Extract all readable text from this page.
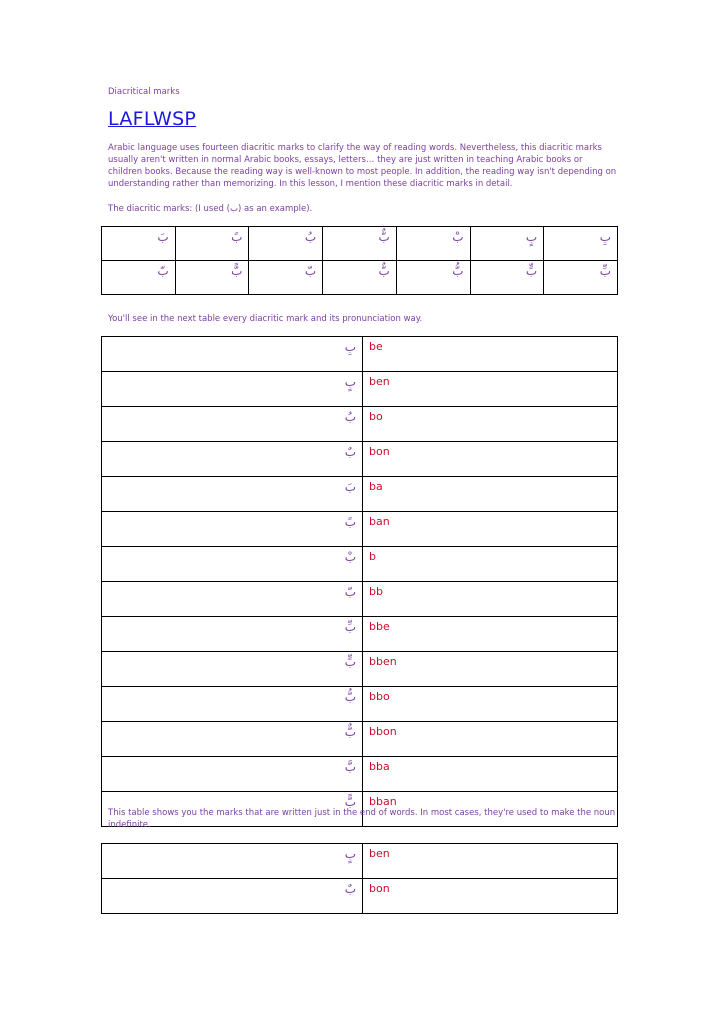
Diacritical marks
LAFLWSP

Arabic language uses fourteen diacritic marks to clarify the way of reading words. Nevertheless, this diacritic marks usually aren't written in normal Arabic books, essays, letters… they are just written in teaching Arabic books or children books. Because the reading way is well-known to most people. In addition, the reading way isn't depending on understanding rather than memorizing. In this lesson, I mention these diacritic marks in detail.

The diacritic marks: (I used (ب) as an example).

بَ	بً	بُ	بٌّ	بْ	بٍ	بِ
بّ	بًّ	بّ	بٌّ	بُّ	بٍّ	بِّ

You'll see in the next table every diacritic mark and its pronunciation way.

بِ	be
بٍ	ben
بُ	bo
بٌ	bon
بَ	ba
بً	ban
بْ	b
بّ	bb
بِّ	bbe
بٍّ	bben
بُّ	bbo
بٌّ	bbon
بَّ	bba
بًّ	bban

This table shows you the marks that are written just in the end of words. In most cases, they're used to make the noun indefinite.

بٍ	ben
بٌ	bon
